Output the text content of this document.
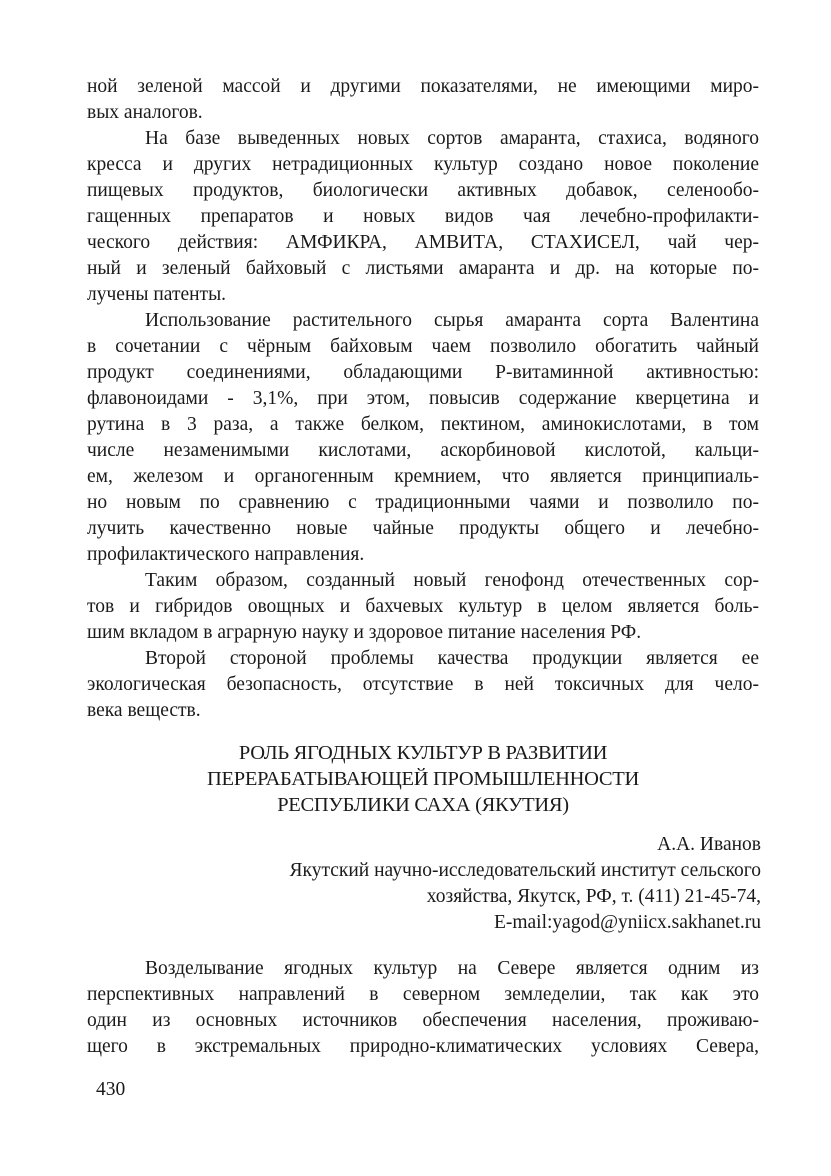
ной зеленой массой и другими показателями, не имеющими миро-
вых аналогов.
На базе выведенных новых сортов амаранта, стахиса, водяного
кресса и других нетрадиционных культур создано новое поколение
пищевых продуктов, биологически активных добавок, селенообо-
гащенных препаратов и новых видов чая лечебно-профилакти-
ческого действия: АМФИКРА, АМВИТА, СТАХИСЕЛ, чай чер-
ный и зеленый байховый с листьями амаранта и др. на которые по-
лучены патенты.
Использование растительного сырья амаранта сорта Валентина
в сочетании с чёрным байховым чаем позволило обогатить чайный
продукт соединениями, обладающими Р-витаминной активностью:
флавоноидами - 3,1%, при этом, повысив содержание кверцетина и
рутина в 3 раза, а также белком, пектином, аминокислотами, в том
числе незаменимыми кислотами, аскорбиновой кислотой, кальци-
ем, железом и органогенным кремнием, что является принципиаль-
но новым по сравнению с традиционными чаями и позволило по-
лучить качественно новые чайные продукты общего и лечебно-
профилактического направления.
Таким образом, созданный новый генофонд отечественных сор-
тов и гибридов овощных и бахчевых культур в целом является боль-
шим вкладом в аграрную науку и здоровое питание населения РФ.
Второй стороной проблемы качества продукции является ее
экологическая безопасность, отсутствие в ней токсичных для чело-
века веществ.
РОЛЬ ЯГОДНЫХ КУЛЬТУР В РАЗВИТИИ
ПЕРЕРАБАТЫВАЮЩЕЙ ПРОМЫШЛЕННОСТИ
РЕСПУБЛИКИ САХА (ЯКУТИЯ)
А.А. Иванов
Якутский научно-исследовательский институт сельского
хозяйства, Якутск, РФ, т. (411) 21-45-74,
E-mail:yagod@yniicx.sakhanet.ru
Возделывание ягодных культур на Севере является одним из
перспективных направлений в северном земледелии, так как это
один из основных источников обеспечения населения, проживаю-
щего в экстремальных природно-климатических условиях Севера,
430
